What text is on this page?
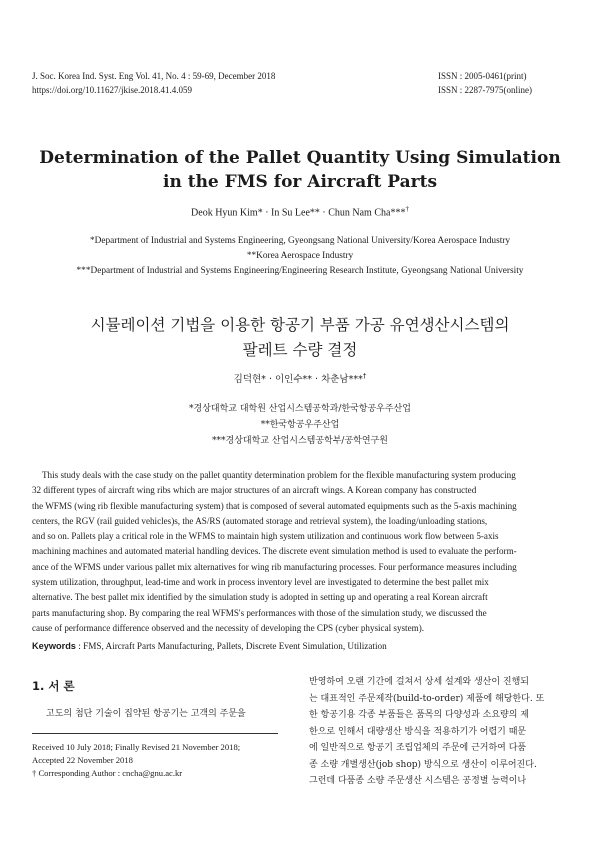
J. Soc. Korea Ind. Syst. Eng Vol. 41, No. 4 : 59-69, December 2018
https://doi.org/10.11627/jkise.2018.41.4.059
ISSN : 2005-0461(print)
ISSN : 2287-7975(online)
Determination of the Pallet Quantity Using Simulation
in the FMS for Aircraft Parts
Deok Hyun Kim* · In Su Lee** · Chun Nam Cha***†
*Department of Industrial and Systems Engineering, Gyeongsang National University/Korea Aerospace Industry
**Korea Aerospace Industry
***Department of Industrial and Systems Engineering/Engineering Research Institute, Gyeongsang National University
시뮬레이션 기법을 이용한 항공기 부품 가공 유연생산시스템의
팔레트 수량 결정
김덕현* · 이인수** · 차춘남***†
*경상대학교 대학원 산업시스템공학과/한국항공우주산업
**한국항공우주산업
***경상대학교 산업시스템공학부/공학연구원
This study deals with the case study on the pallet quantity determination problem for the flexible manufacturing system producing
32 different types of aircraft wing ribs which are major structures of an aircraft wings. A Korean company has constructed
the WFMS (wing rib flexible manufacturing system) that is composed of several automated equipments such as the 5-axis machining
centers, the RGV (rail guided vehicles)s, the AS/RS (automated storage and retrieval system), the loading/unloading stations,
and so on. Pallets play a critical role in the WFMS to maintain high system utilization and continuous work flow between 5-axis
machining machines and automated material handling devices. The discrete event simulation method is used to evaluate the perform-
ance of the WFMS under various pallet mix alternatives for wing rib manufacturing processes. Four performance measures including
system utilization, throughput, lead-time and work in process inventory level are investigated to determine the best pallet mix
alternative. The best pallet mix identified by the simulation study is adopted in setting up and operating a real Korean aircraft
parts manufacturing shop. By comparing the real WFMS's performances with those of the simulation study, we discussed the
cause of performance difference observed and the necessity of developing the CPS (cyber physical system).
Keywords : FMS, Aircraft Parts Manufacturing, Pallets, Discrete Event Simulation, Utilization
1. 서 론
고도의 첨단 기술이 집약된 항공기는 고객의 주문을
Received 10 July 2018; Finally Revised 21 November 2018;
Accepted 22 November 2018
† Corresponding Author : cncha@gnu.ac.kr
반영하여 오랜 기간에 걸쳐서 상세 설계와 생산이 진행되
는 대표적인 주문제작(build-to-order) 제품에 해당한다. 또
한 항공기용 각종 부품들은 품목의 다양성과 소요량의 제
한으로 인해서 대량생산 방식을 적용하기가 어렵기 때문
에 일반적으로 항공기 조립업체의 주문에 근거하여 다품
종 소량 개별생산(job shop) 방식으로 생산이 이루어진다.
그런데 다품종 소량 주문생산 시스템은 공정별 능력이나
